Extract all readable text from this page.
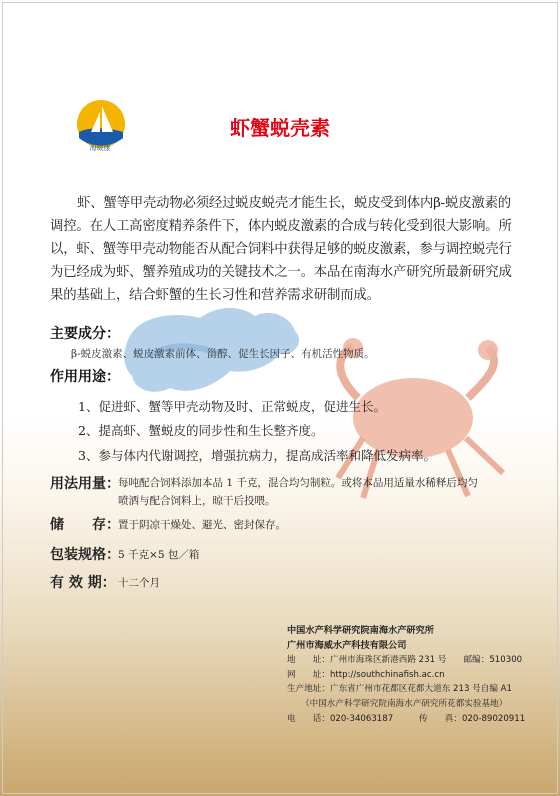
海威康
虾蟹蜕壳素
虾、蟹等甲壳动物必须经过蜕皮蜕壳才能生长，蜕皮受到体内β-蜕皮激素的调控。在人工高密度精养条件下，体内蜕皮激素的合成与转化受到很大影响。所以，虾、蟹等甲壳动物能否从配合饲料中获得足够的蜕皮激素，参与调控蜕壳行为已经成为虾、蟹养殖成功的关键技术之一。本品在南海水产研究所最新研究成果的基础上，结合虾蟹的生长习性和营养需求研制而成。
主要成分：
β-蜕皮激素、蜕皮激素前体、甾醇、促生长因子、有机活性物质。
作用用途：
1、促进虾、蟹等甲壳动物及时、正常蜕皮，促进生长。
2、提高虾、蟹蜕皮的同步性和生长整齐度。
3、参与体内代谢调控，增强抗病力，提高成活率和降低发病率。
用法用量：
每吨配合饲料添加本品 1 千克，混合均匀制粒。或将本品用适量水稀释后均匀
喷洒与配合饲料上，晾干后投喂。
储　　存：
置于阴凉干燥处、避光、密封保存。
包装规格：
5 千克×5 包／箱
有 效 期： 十二个月
中国水产科学研究院南海水产研究所
广州市海威水产科技有限公司
地　　址：广州市海珠区新港西路 231 号　　邮编：510300
网　　址：http://southchinafish.ac.cn
生产地址：广东省广州市花都区花都大道东 213 号自编 A1
（中国水产科学研究院南海水产研究所花都实验基地）
电　　话：020-34063187　　　传　　真：020-89020911
